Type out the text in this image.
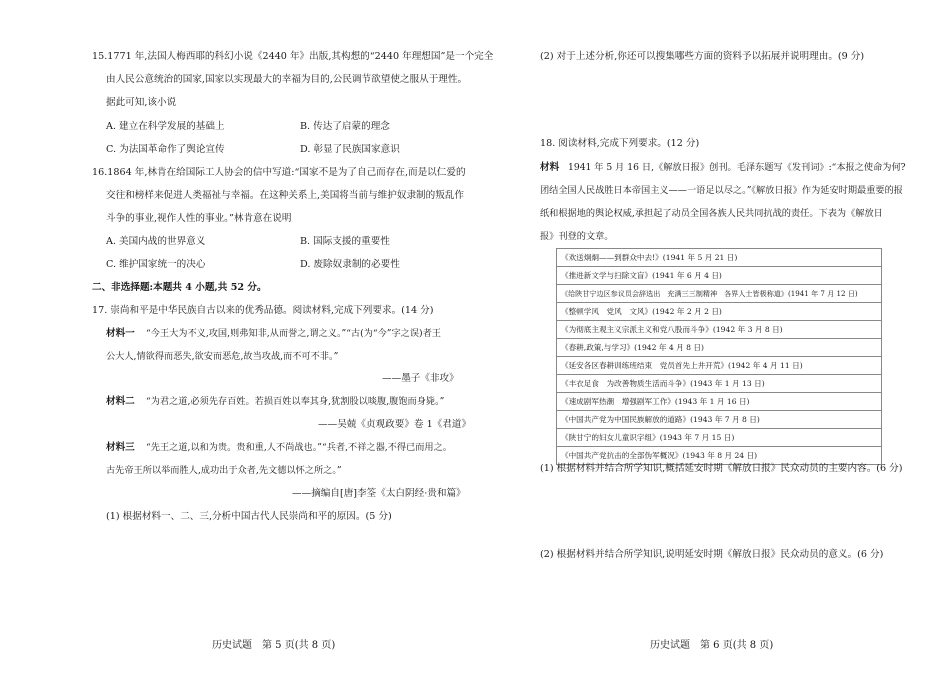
15.1771 年,法国人梅西耶的科幻小说《2440 年》出版,其构想的“2440 年理想国”是一个完全
由人民公意统治的国家,国家以实现最大的幸福为目的,公民调节欲望使之服从于理性。
据此可知,该小说
A. 建立在科学发展的基础上	B. 传达了启蒙的理念
C. 为法国革命作了舆论宣传	D. 彰显了民族国家意识
16.1864 年,林肯在给国际工人协会的信中写道:“国家不是为了自己而存在,而是以仁爱的
交往和榜样来促进人类福祉与幸福。在这种关系上,美国将当前与维护奴隶制的叛乱作
斗争的事业,视作人性的事业。”林肯意在说明
A. 美国内战的世界意义	B. 国际支援的重要性
C. 维护国家统一的决心	D. 废除奴隶制的必要性
二、非选择题:本题共 4 小题,共 52 分。
17. 崇尚和平是中华民族自古以来的优秀品德。阅读材料,完成下列要求。(14 分)
材料一 “今王大为不义,攻国,则弗知非,从而誉之,谓之义。”“古(为“今”字之误)者王
公大人,情欲得而恶失,欲安而恶危,故当攻战,而不可不非。”
——墨子《非攻》
材料二 “为君之道,必须先存百姓。若损百姓以奉其身,犹割股以啖腹,腹饱而身毙。”
——吴兢《贞观政要》卷 1《君道》
材料三 “先王之道,以和为贵。贵和重,人不尚战也。”“兵者,不祥之器,不得已而用之。
古先帝王所以举而胜人,成功出于众者,先文德以怀之所之。”
——摘编自[唐]李筌《太白阴经·贵和篇》
(1) 根据材料一、二、三,分析中国古代人民崇尚和平的原因。(5 分)
历史试题　第 5 页(共 8 页)
(2) 对于上述分析,你还可以搜集哪些方面的资料予以拓展并说明理由。(9 分)
18. 阅读材料,完成下列要求。(12 分)
材料 1941 年 5 月 16 日,《解放日报》创刊。毛泽东题写《发刊词》:“本报之使命为何?
团结全国人民战胜日本帝国主义——一语足以尽之。”《解放日报》作为延安时期最重要的报
纸和根据地的舆论权威,承担起了动员全国各族人民共同抗战的责任。下表为《解放日
报》刊登的文章。
《欢送炯炯——到群众中去!》(1941 年 5 月 21 日)
《推进新文学与扫除文盲》(1941 年 6 月 4 日)
《给陕甘宁边区参议员会辞选出　充满三三制精神　各界人士皆极称道》(1941 年 7 月 12 日)
《整顿学风　党风　文风》(1942 年 2 月 2 日)
《为彻底主观主义宗派主义和党八股而斗争》(1942 年 3 月 8 日)
《春耕,政策,与学习》(1942 年 4 月 8 日)
《延安各区春耕训练班结束　党员首先上井开荒》(1942 年 4 月 11 日)
《丰衣足食　为改善物质生活而斗争》(1943 年 1 月 13 日)
《速成剧军热潮　增强剧军工作》(1943 年 1 月 16 日)
《中国共产党为中国民族解放的道路》(1943 年 7 月 8 日)
《陕甘宁的妇女儿童识字组》(1943 年 7 月 15 日)
《中国共产党抗击的全部伪军概况》(1943 年 8 月 24 日)
(1) 根据材料并结合所学知识,概括延安时期《解放日报》民众动员的主要内容。(6 分)
(2) 根据材料并结合所学知识,说明延安时期《解放日报》民众动员的意义。(6 分)
历史试题　第 6 页(共 8 页)
